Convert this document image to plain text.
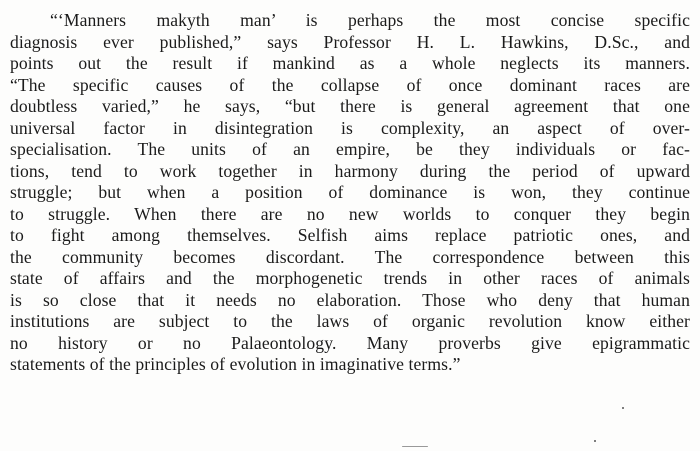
“‘Manners makyth man’ is perhaps the most concise specific
diagnosis ever published,” says Professor H. L. Hawkins, D.Sc., and
points out the result if mankind as a whole neglects its manners.
“The specific causes of the collapse of once dominant races are
doubtless varied,” he says, “but there is general agreement that one
universal factor in disintegration is complexity, an aspect of over-
specialisation. The units of an empire, be they individuals or fac-
tions, tend to work together in harmony during the period of upward
struggle; but when a position of dominance is won, they continue
to struggle. When there are no new worlds to conquer they begin
to fight among themselves. Selfish aims replace patriotic ones, and
the community becomes discordant. The correspondence between this
state of affairs and the morphogenetic trends in other races of animals
is so close that it needs no elaboration. Those who deny that human
institutions are subject to the laws of organic revolution know either
no history or no Palaeontology. Many proverbs give epigrammatic
statements of the principles of evolution in imaginative terms.”
